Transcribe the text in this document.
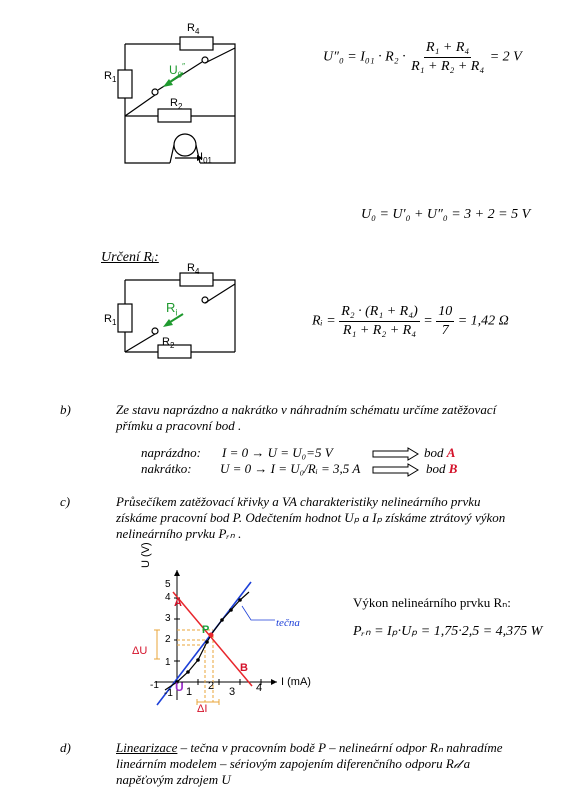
$R_4$
$R_1$
$U_0''$
$R_2$
$I_{01}$
$U''_0 = I_{01} \cdot R_2 \cdot \frac{\text{R₁ + R₄}}{\text{R₁ + R₂ + R₄}} = 2$ V
U₀ = U′₀ + U″₀ = 3 + 2 = 5 V
Určení Rᵢ:
$R_4$
$R_1$
$R_i$
$R_2$
Rᵢ = $\frac{\text{R₂ · (R₁ + R₄)}}{\text{R₁ + R₂ + R₄}} = \frac{10}{7} = 1,42$ Ω
b)	Ze stavu naprázdno a nakrátko v náhradním schématu určíme zatěžovací
přímku a pracovní bod .
naprázdno: I = 0 → U = U₀=5 V	bod A
nakrátko: U = 0 → I = U₀/Rᵢ = 3,5 A	bod B
c)	Průsečíkem zatěžovací křivky a VA charakteristiky nelineárního prvku
získáme pracovní bod P. Odečtením hodnot Uₚ a Iₚ získáme ztrátový výkon
nelineárního prvku Pᵣₙ .
U (V)
I (mA)
1
2
3
4
5
-1 1 2 3 4
-1
A
B
P
U
tečna
ΔU
ΔI
Výkon nelineárního prvku Rₙ:
Pᵣₙ = Iₚ·Uₚ = 1,75·2,5 = 4,375 W
d)	Linearizace – tečna v pracovním bodě P – nelineární odpor Rₙ nahradíme
lineárním modelem – sériovým zapojením diferenčního odporu R𝒹 a
napěťovým zdrojem U
